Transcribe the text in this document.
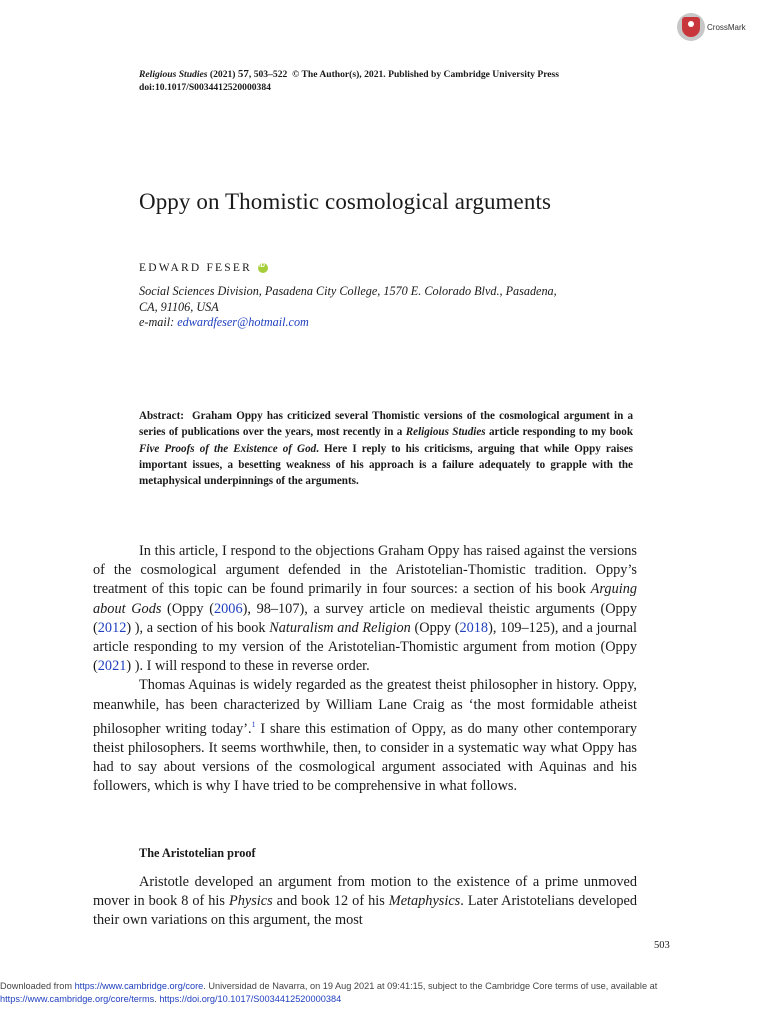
CrossMark
Religious Studies (2021) 57, 503–522 © The Author(s), 2021. Published by Cambridge University Press
doi:10.1017/S0034412520000384
Oppy on Thomistic cosmological arguments
EDWARD FESER
iD
Social Sciences Division, Pasadena City College, 1570 E. Colorado Blvd., Pasadena,
CA, 91106, USA
e-mail: edwardfeser@hotmail.com
Abstract: Graham Oppy has criticized several Thomistic versions of the cosmological argument in a series of publications over the years, most recently in a Religious Studies article responding to my book Five Proofs of the Existence of God. Here I reply to his criticisms, arguing that while Oppy raises important issues, a besetting weakness of his approach is a failure adequately to grapple with the metaphysical underpinnings of the arguments.

In this article, I respond to the objections Graham Oppy has raised against the versions of the cosmological argument defended in the Aristotelian-Thomistic tradition. Oppy’s treatment of this topic can be found primarily in four sources: a section of his book Arguing about Gods (Oppy (2006), 98–107), a survey article on medieval theistic arguments (Oppy (2012) ), a section of his book Naturalism and Religion (Oppy (2018), 109–125), and a journal article responding to my version of the Aristotelian-Thomistic argument from motion (Oppy (2021) ). I will respond to these in reverse order.

Thomas Aquinas is widely regarded as the greatest theist philosopher in history. Oppy, meanwhile, has been characterized by William Lane Craig as ‘the most formidable atheist philosopher writing today’.$^1$ I share this estimation of Oppy, as do many other contemporary theist philosophers. It seems worthwhile, then, to consider in a systematic way what Oppy has had to say about versions of the cosmological argument associated with Aquinas and his followers, which is why I have tried to be comprehensive in what follows.

The Aristotelian proof

Aristotle developed an argument from motion to the existence of a prime unmoved mover in book 8 of his Physics and book 12 of his Metaphysics. Later Aristotelians developed their own variations on this argument, the most

503
Downloaded from https://www.cambridge.org/core. Universidad de Navarra, on 19 Aug 2021 at 09:41:15, subject to the Cambridge Core terms of use, available at
https://www.cambridge.org/core/terms. https://doi.org/10.1017/S0034412520000384
